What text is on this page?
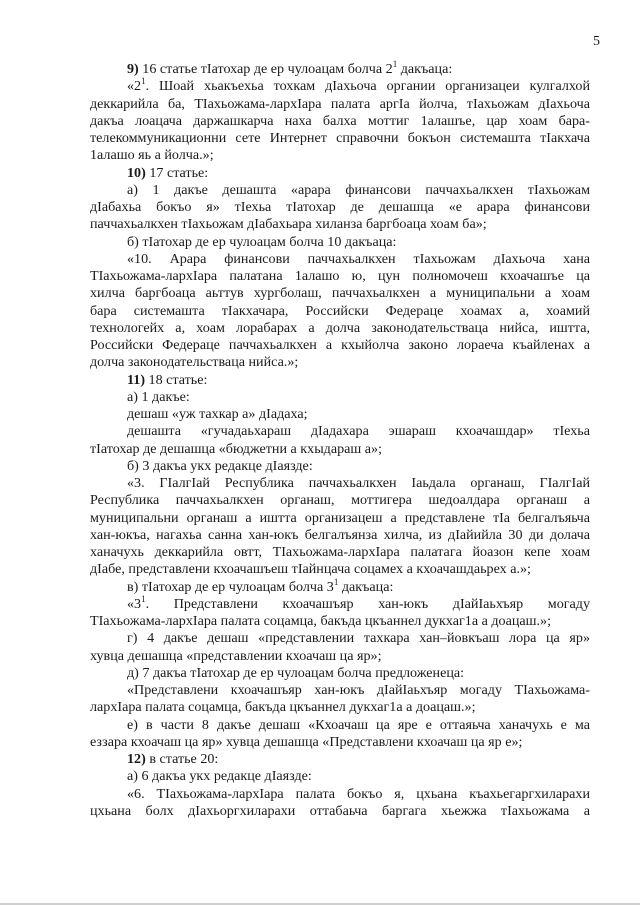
5

9) 16 статье тIатохар де ер чулоацам болча $2^1$ дакъаца:

«$2^1$. Шоай хьакъехьа тохкам дIахьоча органии организацеи кулгалхой

деккарийла ба, ТIахьожама-лархIара палата аргIа йолча, тIахьожам дIахьоча

дакъа лоацача даржашкарча наха балха моттиг 1алашъе, цар хоам бара-

телекоммуникационни сете Интернет справочни бокъон системашта тIакхача

1алашо яь а йолча.»;

10) 17 статье:

а) 1 дакъе дешашта «арара финансови паччахьалкхен тIахьожам

дIабахьа бокъо я» тIехьа тIатохар де дешашца «е арара финансови

паччахьалкхен тIахьожам дIабахьара хиланза баргбоаца хоам ба»;

б) тIатохар де ер чулоацам болча 10 дакъаца:

«10. Арара финансови паччахьалкхен тIахьожам дIахьоча хана

ТIахьожама-лархIара палатана 1алашо ю, цун полномочеш кхоачашъе ца

хилча баргбоаца аьттув хургболаш, паччахьалкхен а муниципальни а хоам

бара системашта тIакхачара, Российски Федераце хоамах а, хоамий

технологейх а, хоам лорабарах а долча законодательстваца нийса, иштта,

Российски Федераце паччахьалкхен а кхыйолча законо лораеча къайленах а

долча законодательстваца нийса.»;

11) 18 статье:

а) 1 дакъе:

дешаш «уж тахкар а» дIадаха;

дешашта «гучадаьхараш дIадахара эшараш кхоачашдар» тIехьа

тIатохар де дешашца «бюджетни а кхыдараш а»;

б) 3 дакъа укх редакце дIаязде:

«3. ГIалгIай Республика паччахьалкхен Iаьдала органаш, ГIалгIай

Республика паччахьалкхен органаш, моттигера шедоалдара органаш а

муниципальни органаш а иштта организацеш а представлене тIа белгалъяьча

хан-юкъа, нагахьа санна хан-юкъ белгалъянза хилча, из дIайийла 30 ди долача

ханачухь деккарийла овтт, ТIахьожама-лархIара палатага йоазон кепе хоам

дIабе, представлени кхоачашъеш тIайнцача соцамех а кхоачашдаьрех а.»;

в) тIатохар де ер чулоацам болча $3^1$ дакъаца:

«$3^1$. Представлени кхоачашъяр хан-юкъ дIайIаьхъяр могаду

ТIахьожама-лархIара палата соцамца, бакъда цкъаннел дукхаг1а а доацаш.»;

г) 4 дакъе дешаш «представлении тахкара хан–йовкъаш лора ца яр»

хувца дешашца «представлении кхоачаш ца яр»;

д) 7 дакъа тIатохар де ер чулоацам болча предложенеца:

«Представлени кхоачашъяр хан-юкъ дIайIаьхъяр могаду ТIахьожама-

лархIара палата соцамца, бакъда цкъаннел дукхаг1а а доацаш.»;

е) в части 8 дакъе дешаш «Кхоачаш ца яре е оттаяьча ханачухь е ма

еззара кхоачаш ца яр» хувца дешашца «Представлени кхоачаш ца яр е»;

12) в статье 20:

а) 6 дакъа укх редакце дIаязде:

«6. ТIахьожама-лархIара палата бокъо я, цхьана къахьегаргхиларахи

цхьана болх дIахьоргхиларахи оттабаьча баргага хьежжа тIахьожама а
